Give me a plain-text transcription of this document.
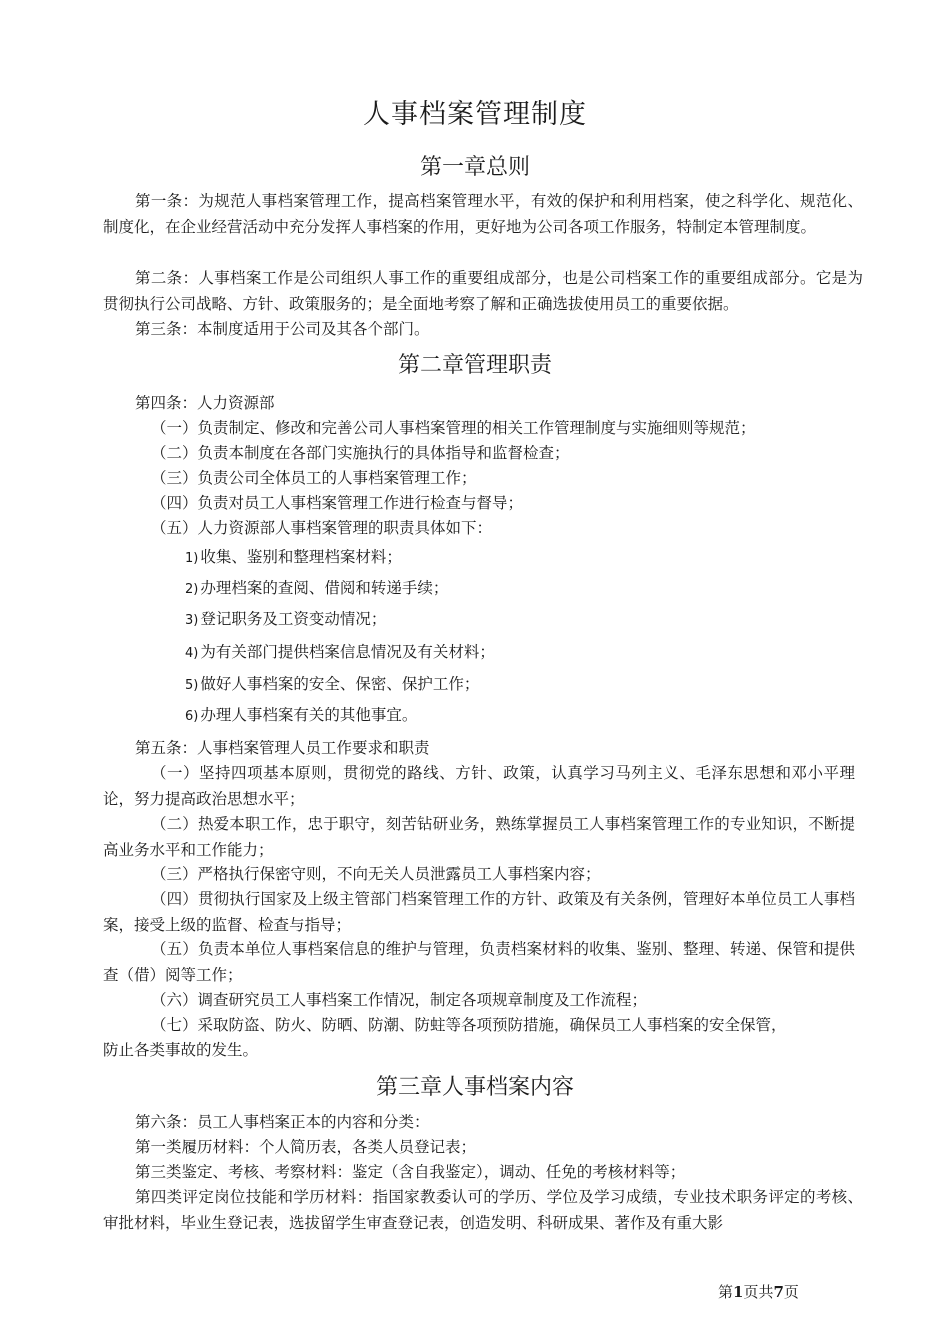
人事档案管理制度
第一章总则
第一条：为规范人事档案管理工作，提高档案管理水平，有效的保护和利用档案，使之科学化、规范化、制度化，在企业经营活动中充分发挥人事档案的作用，更好地为公司各项工作服务，特制定本管理制度。
第二条：人事档案工作是公司组织人事工作的重要组成部分，也是公司档案工作的重要组成部分。它是为贯彻执行公司战略、方针、政策服务的；是全面地考察了解和正确选拔使用员工的重要依据。
第三条：本制度适用于公司及其各个部门。
第二章管理职责
第四条：人力资源部
（一）负责制定、修改和完善公司人事档案管理的相关工作管理制度与实施细则等规范；
（二）负责本制度在各部门实施执行的具体指导和监督检查；
（三）负责公司全体员工的人事档案管理工作；
（四）负责对员工人事档案管理工作进行检查与督导；
（五）人力资源部人事档案管理的职责具体如下：
1) 收集、鉴别和整理档案材料；
2) 办理档案的查阅、借阅和转递手续；
3) 登记职务及工资变动情况；
4) 为有关部门提供档案信息情况及有关材料；
5) 做好人事档案的安全、保密、保护工作；
6) 办理人事档案有关的其他事宜。
第五条：人事档案管理人员工作要求和职责
（一）坚持四项基本原则，贯彻党的路线、方针、政策，认真学习马列主义、毛泽东思想和邓小平理论，努力提高政治思想水平；
（二）热爱本职工作，忠于职守，刻苦钻研业务，熟练掌握员工人事档案管理工作的专业知识，不断提高业务水平和工作能力；
（三）严格执行保密守则，不向无关人员泄露员工人事档案内容；
（四）贯彻执行国家及上级主管部门档案管理工作的方针、政策及有关条例，管理好本单位员工人事档案，接受上级的监督、检查与指导；
（五）负责本单位人事档案信息的维护与管理，负责档案材料的收集、鉴别、整理、转递、保管和提供查（借）阅等工作；
（六）调查研究员工人事档案工作情况，制定各项规章制度及工作流程；
（七）采取防盗、防火、防晒、防潮、防蛀等各项预防措施，确保员工人事档案的安全保管，
防止各类事故的发生。
第三章人事档案内容
第六条：员工人事档案正本的内容和分类：
第一类履历材料：个人简历表，各类人员登记表；
第三类鉴定、考核、考察材料：鉴定（含自我鉴定），调动、任免的考核材料等；
第四类评定岗位技能和学历材料：指国家教委认可的学历、学位及学习成绩，专业技术职务评定的考核、审批材料，毕业生登记表，选拔留学生审查登记表，创造发明、科研成果、著作及有重大影
第1页共7页
